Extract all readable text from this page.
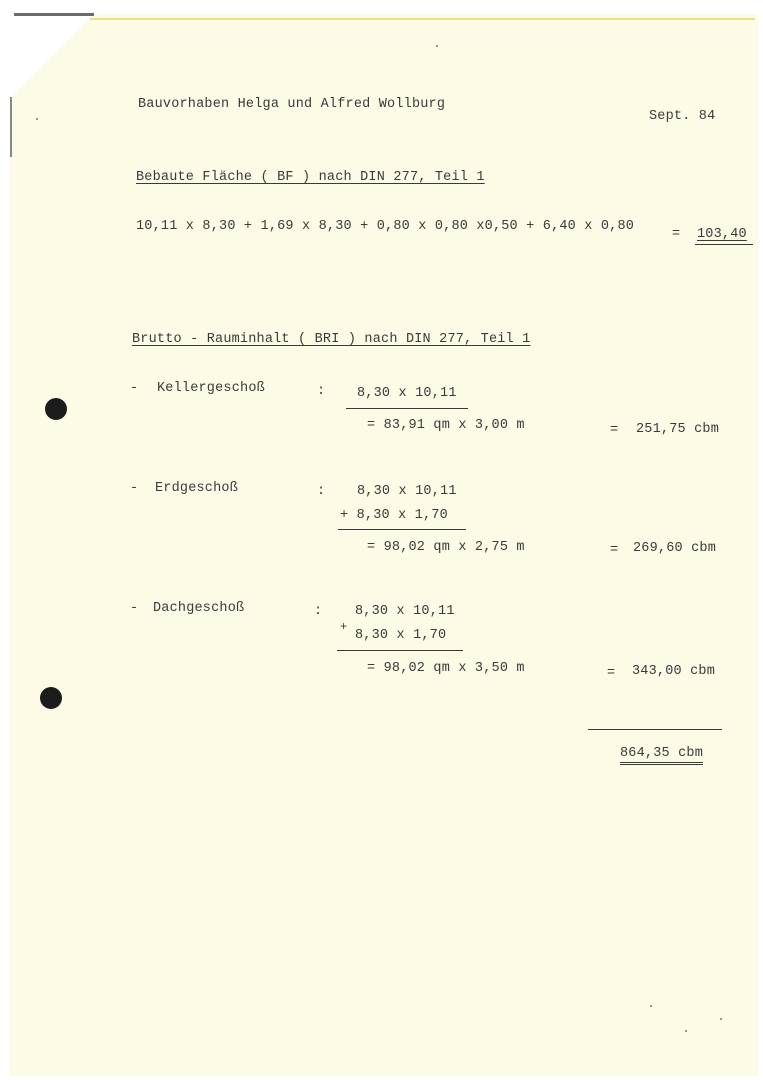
Bauvorhaben Helga und Alfred Wollburg
Sept. 84
Bebaute Fläche ( BF ) nach DIN 277, Teil 1
10,11 x 8,30 + 1,69 x 8,30 + 0,80 x 0,80 x0,50 + 6,40 x 0,80
= 103,40
Brutto - Rauminhalt ( BRI ) nach DIN 277, Teil 1
- Kellergeschoß	: 8,30 x 10,11
= 83,91 qm x 3,00 m	= 251,75 cbm
- Erdgeschoß	: 8,30 x 10,11
+ 8,30 x 1,70
= 98,02 qm x 2,75 m	= 269,60 cbm
- Dachgeschoß	: 8,30 x 10,11
+
8,30 x 1,70
= 98,02 qm x 3,50 m	= 343,00 cbm
864,35 cbm
